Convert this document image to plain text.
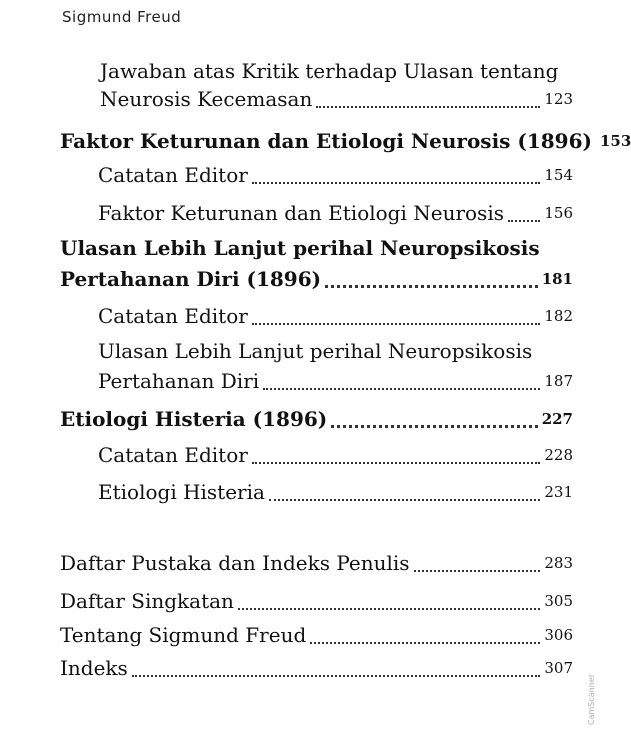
Sigmund Freud
Jawaban atas Kritik terhadap Ulasan tentang
Neurosis Kecemasan	123
Faktor Keturunan dan Etiologi Neurosis (1896) 153
Catatan Editor	154
Faktor Keturunan dan Etiologi Neurosis	156
Ulasan Lebih Lanjut perihal Neuropsikosis
Pertahanan Diri (1896)	181
Catatan Editor	182
Ulasan Lebih Lanjut perihal Neuropsikosis
Pertahanan Diri	187
Etiologi Histeria (1896)	227
Catatan Editor	228
Etiologi Histeria	231
Daftar Pustaka dan Indeks Penulis	283
Daftar Singkatan	305
Tentang Sigmund Freud	306
Indeks	307
CamScanner
